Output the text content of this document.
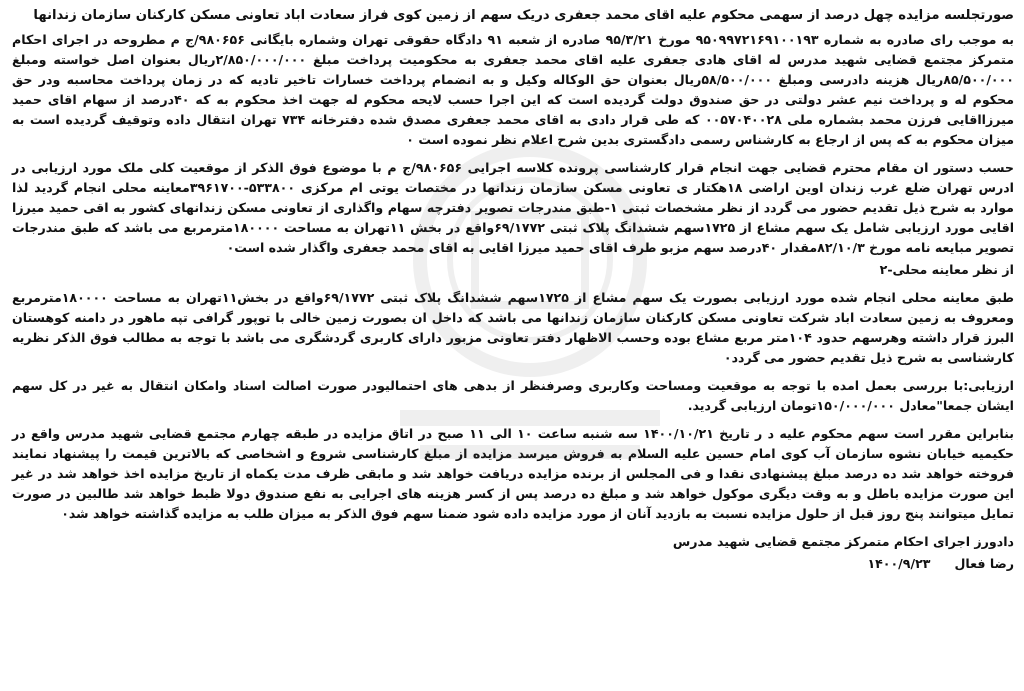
صورتجلسه مزایده چهل درصد از سهمی محکوم علیه اقای محمد جعفری دریک سهم از زمین کوی فراز سعادت اباد تعاونی مسکن کارکنان سازمان زندانها
به موجب رای صادره به شماره ۹۵۰۹۹۷۲۱۶۹۱۰۰۱۹۳ مورخ ۹۵/۳/۲۱ صادره از شعبه ۹۱ دادگاه حقوقی تهران وشماره بایگانی ۹۸۰۶۵۶/ج م مطروحه در اجرای احکام متمرکز مجتمع قضایی شهید مدرس له اقای هادی جعفری علیه اقای محمد جعفری به محکومیت پرداخت مبلغ ۲/۸۵۰/۰۰۰/۰۰۰ریال بعنوان اصل خواسته ومبلغ ۸۵/۵۰۰/۰۰۰ریال هزینه دادرسی ومبلغ ۵۸/۵۰۰/۰۰۰ریال بعنوان حق الوکاله وکیل و به انضمام پرداخت خسارات تاخیر تادیه که در زمان پرداخت محاسبه ودر حق محکوم له و پرداخت نیم عشر دولتی در حق صندوق دولت گردیده است که این اجرا حسب لایحه محکوم له جهت اخذ محکوم به که ۴۰درصد از سهام اقای حمید میرزااقایی فرزن محمد بشماره ملی ۰۰۵۷۰۴۰۰۲۸ که طی قرار دادی به اقای محمد جعفری مصدق شده دفترخانه ۷۳۴ تهران انتقال داده وتوقیف گردیده است به میزان محکوم به که پس از ارجاع به کارشناس رسمی دادگستری بدین شرح اعلام نظر نموده است ۰
حسب دستور ان مقام محترم قضایی جهت انجام قرار کارشناسی پرونده کلاسه اجرایی ۹۸۰۶۵۶/ج م با موضوع فوق الذکر از موقعیت کلی ملک مورد ارزیابی در ادرس تهران ضلع غرب زندان اوین اراضی ۱۸هکتار ی تعاونی مسکن سازمان زندانها در مختصات یوتی ام مرکزی ۵۳۳۸۰۰-۳۹۶۱۷۰۰معاینه محلی انجام گردید لذا موارد به شرح ذیل تقدیم حضور می گردد از نظر مشخصات ثبتی ۱-طبق مندرجات تصویر دفترچه سهام واگذاری از تعاونی مسکن زندانهای کشور به اقی حمید میرزا اقایی مورد ارزیابی شامل یک سهم مشاع از ۱۷۲۵سهم ششدانگ پلاک ثبتی ۶۹/۱۷۷۲واقع در بخش ۱۱تهران به مساحت ۱۸۰۰۰۰مترمربع می باشد که طبق مندرجات تصویر مبایعه نامه مورخ ۸۲/۱۰/۳مقدار ۴۰درصد سهم مزبو طرف اقای حمید میرزا اقایی به اقای محمد جعفری واگذار شده است۰
از نظر معاینه محلی-۲
طبق معاینه محلی انجام شده مورد ارزیابی بصورت یک سهم مشاع از ۱۷۲۵سهم ششدانگ پلاک ثبتی ۶۹/۱۷۷۲واقع در بخش۱۱تهران به مساحت ۱۸۰۰۰۰مترمربع ومعروف به زمین سعادت اباد شرکت تعاونی مسکن کارکنان سازمان زندانها می باشد که داخل ان بصورت زمین خالی با توپور گرافی تپه ماهور در دامنه کوهستان البرز قرار داشته وهرسهم حدود ۱۰۴متر مربع مشاع بوده وحسب الاظهار دفتر تعاونی مزبور دارای کاربری گردشگری می باشد با توجه به مطالب فوق الذکر نظریه کارشناسی به شرح ذیل تقدیم حضور می گردد۰
ارزیابی:با بررسی بعمل امده با توجه به موقعیت ومساحت وکاربری وصرفنظر از بدهی های احتمالیودر صورت اصالت اسناد وامکان انتقال به غیر در کل سهم ایشان جمعا"معادل ۱۵۰/۰۰۰/۰۰۰تومان ارزیابی گردید.
بنابراین مقرر است سهم محکوم علیه د ر تاریخ ۱۴۰۰/۱۰/۲۱ سه شنبه ساعت ۱۰ الی ۱۱ صبح در اتاق مزایده در طبقه چهارم مجتمع قضایی شهید مدرس واقع در حکیمیه خیابان نشوه سازمان آب کوی امام حسین علیه السلام به فروش میرسد مزایده از مبلغ کارشناسی شروع و اشخاصی که بالاترین قیمت را پیشنهاد نمایند فروخته خواهد شد ده درصد مبلغ پیشنهادی نقدا و فی المجلس از برنده مزایده دریافت خواهد شد و مابقی ظرف مدت یکماه از تاریخ مزایده اخذ خواهد شد در غیر این صورت مزایده باطل و به وقت دیگری موکول خواهد شد و مبلغ ده درصد پس از کسر هزینه های اجرایی به نفع صندوق دولا ظبط خواهد شد طالبین در صورت تمایل میتوانند پنج روز قبل از حلول مزایده نسبت به بازدید آنان از مورد مزایده داده شود ضمنا سهم فوق الذکر به میزان طلب به مزایده گذاشته خواهد شد۰
دادورز اجرای احکام متمرکز مجتمع قضایی شهید مدرس
رضا فعال
۱۴۰۰/۹/۲۳
